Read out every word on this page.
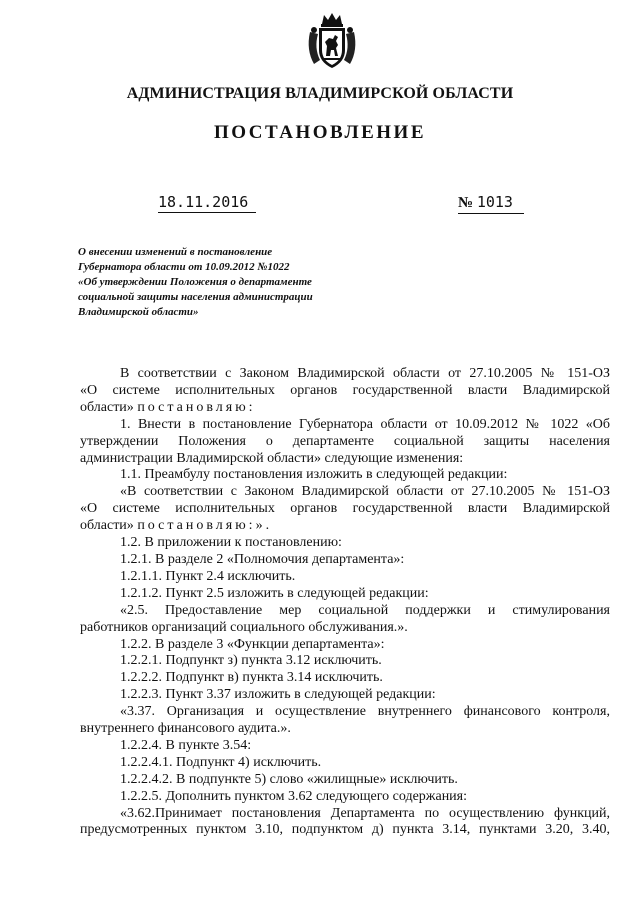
АДМИНИСТРАЦИЯ ВЛАДИМИРСКОЙ ОБЛАСТИ
ПОСТАНОВЛЕНИЕ
18.11.2016	№ 1013
О внесении изменений в постановление
Губернатора области от 10.09.2012 №1022
«Об утверждении Положения о департаменте
социальной защиты населения администрации
Владимирской области»
В соответствии с Законом Владимирской области от 27.10.2005 № 151-ОЗ
«О системе исполнительных органов государственной власти Владимирской
области» постановляю:
1. Внести в постановление Губернатора области от 10.09.2012 № 1022 «Об
утверждении Положения о департаменте социальной защиты населения
администрации Владимирской области» следующие изменения:
1.1. Преамбулу постановления изложить в следующей редакции:
«В соответствии с Законом Владимирской области от 27.10.2005 № 151-ОЗ
«О системе исполнительных органов государственной власти Владимирской
области» постановляю:».
1.2. В приложении к постановлению:
1.2.1. В разделе 2 «Полномочия департамента»:
1.2.1.1. Пункт 2.4 исключить.
1.2.1.2. Пункт 2.5 изложить в следующей редакции:
«2.5. Предоставление мер социальной поддержки и стимулирования
работников организаций социального обслуживания.».
1.2.2. В разделе 3 «Функции департамента»:
1.2.2.1. Подпункт з) пункта 3.12 исключить.
1.2.2.2. Подпункт в) пункта 3.14 исключить.
1.2.2.3. Пункт 3.37 изложить в следующей редакции:
«3.37. Организация и осуществление внутреннего финансового контроля,
внутреннего финансового аудита.».
1.2.2.4. В пункте 3.54:
1.2.2.4.1. Подпункт 4) исключить.
1.2.2.4.2. В подпункте 5) слово «жилищные» исключить.
1.2.2.5. Дополнить пунктом 3.62 следующего содержания:
«3.62.Принимает постановления Департамента по осуществлению функций,
предусмотренных пунктом 3.10, подпунктом д) пункта 3.14, пунктами 3.20, 3.40,
